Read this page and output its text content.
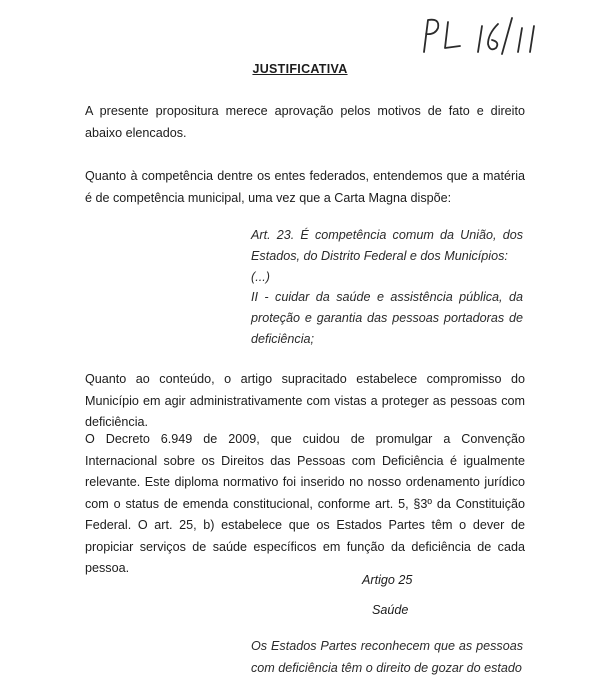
JUSTIFICATIVA

A presente propositura merece aprovação pelos motivos de fato e direito abaixo elencados.

Quanto à competência dentre os entes federados, entendemos que a matéria é de competência municipal, uma vez que a Carta Magna dispõe:

Art. 23. É competência comum da União, dos Estados, do Distrito Federal e dos Municípios:

(...)

II - cuidar da saúde e assistência pública, da proteção e garantia das pessoas portadoras de deficiência;

Quanto ao conteúdo, o artigo supracitado estabelece compromisso do Município em agir administrativamente com vistas a proteger as pessoas com deficiência.

O Decreto 6.949 de 2009, que cuidou de promulgar a Convenção Internacional sobre os Direitos das Pessoas com Deficiência é igualmente relevante. Este diploma normativo foi inserido no nosso ordenamento jurídico com o status de emenda constitucional, conforme art. 5, §3º da Constituição Federal. O art. 25, b) estabelece que os Estados Partes têm o dever de propiciar serviços de saúde específicos em função da deficiência de cada pessoa.

Artigo 25

Saúde

Os Estados Partes reconhecem que as pessoas com deficiência têm o direito de gozar do estado
